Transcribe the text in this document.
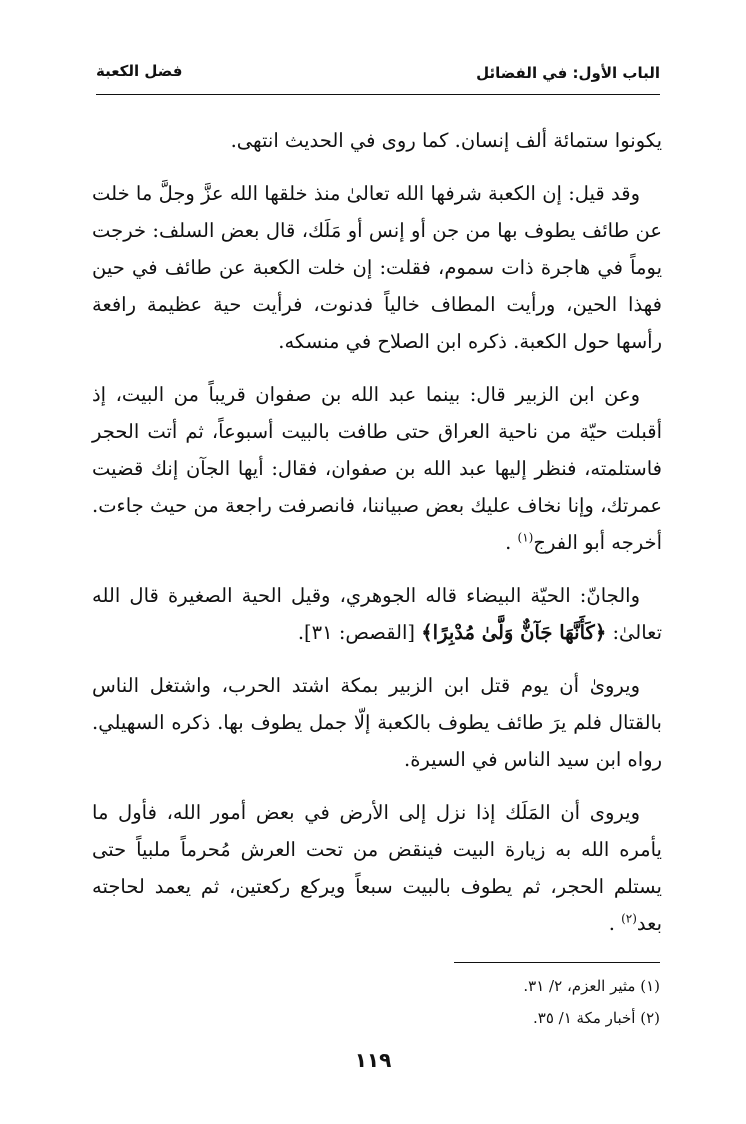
الباب الأول: في الفضائل
فضل الكعبة

يكونوا ستمائة ألف إنسان. كما روى في الحديث انتهى.

وقد قيل: إن الكعبة شرفها الله تعالىٰ منذ خلقها الله عزَّ وجلَّ ما خلت عن طائف يطوف بها من جن أو إنس أو مَلَك، قال بعض السلف: خرجت يوماً في هاجرة ذات سموم، فقلت: إن خلت الكعبة عن طائف في حين فهذا الحين، ورأيت المطاف خالياً فدنوت، فرأيت حية عظيمة رافعة رأسها حول الكعبة. ذكره ابن الصلاح في منسكه.

وعن ابن الزبير قال: بينما عبد الله بن صفوان قريباً من البيت، إذ أقبلت حيّة من ناحية العراق حتى طافت بالبيت أسبوعاً، ثم أتت الحجر فاستلمته، فنظر إليها عبد الله بن صفوان، فقال: أيها الجآن إنك قضيت عمرتك، وإنا نخاف عليك بعض صبياننا، فانصرفت راجعة من حيث جاءت. أخرجه أبو الفرج$^{(١)}$ .

والجانّ: الحيّة البيضاء قاله الجوهري، وقيل الحية الصغيرة قال الله تعالىٰ: ﴿كَأَنَّهَا جَآنٌّ وَلَّىٰ مُدْبِرًا﴾ [القصص: ٣١].

ويروىٰ أن يوم قتل ابن الزبير بمكة اشتد الحرب، واشتغل الناس بالقتال فلم يرَ طائف يطوف بالكعبة إلّا جمل يطوف بها. ذكره السهيلي. رواه ابن سيد الناس في السيرة.

ويروى أن المَلَك إذا نزل إلى الأرض في بعض أمور الله، فأول ما يأمره الله به زيارة البيت فينقض من تحت العرش مُحرماً ملبياً حتى يستلم الحجر، ثم يطوف بالبيت سبعاً ويركع ركعتين، ثم يعمد لحاجته بعد$^{(٢)}$ .

(١) مثير العزم، ٢/ ٣١.
(٢) أخبار مكة ١/ ٣٥.
١١٩
